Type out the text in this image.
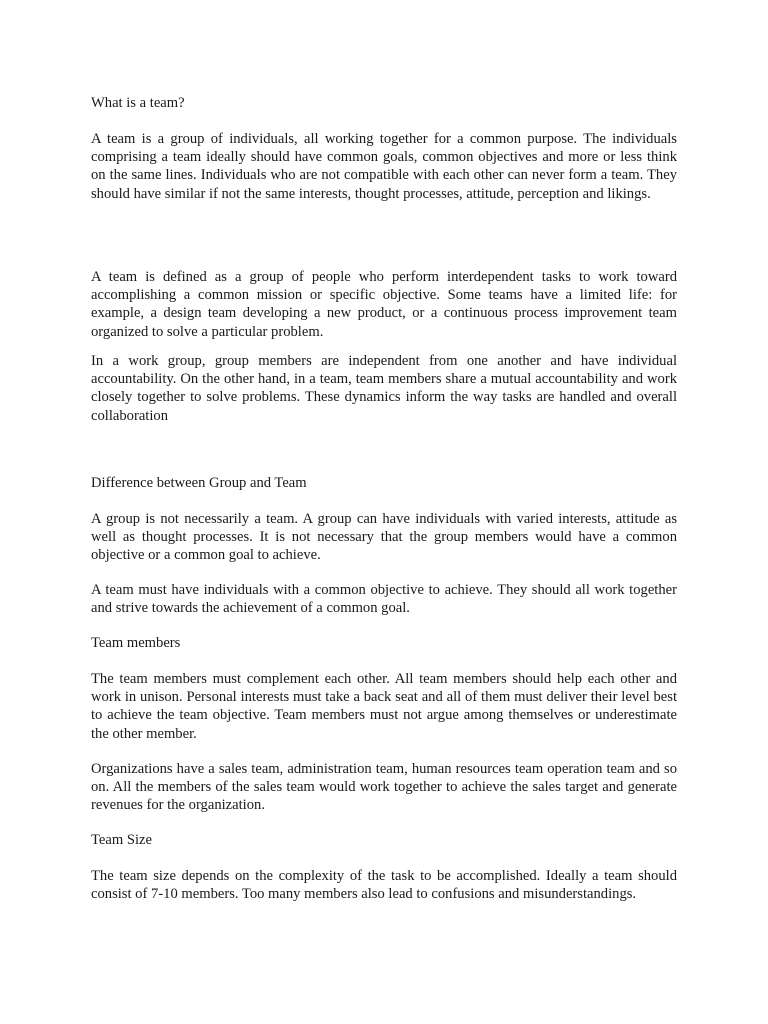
What is a team?

A team is a group of individuals, all working together for a common purpose. The individuals comprising a team ideally should have common goals, common objectives and more or less think on the same lines. Individuals who are not compatible with each other can never form a team. They should have similar if not the same interests, thought processes, attitude, perception and likings.

A team is defined as a group of people who perform interdependent tasks to work toward accomplishing a common mission or specific objective. Some teams have a limited life: for example, a design team developing a new product, or a continuous process improvement team organized to solve a particular problem.

In a work group, group members are independent from one another and have individual accountability. On the other hand, in a team, team members share a mutual accountability and work closely together to solve problems. These dynamics inform the way tasks are handled and overall collaboration

Difference between Group and Team

A group is not necessarily a team. A group can have individuals with varied interests, attitude as well as thought processes. It is not necessary that the group members would have a common objective or a common goal to achieve.

A team must have individuals with a common objective to achieve. They should all work together and strive towards the achievement of a common goal.

Team members

The team members must complement each other. All team members should help each other and work in unison. Personal interests must take a back seat and all of them must deliver their level best to achieve the team objective. Team members must not argue among themselves or underestimate the other member.

Organizations have a sales team, administration team, human resources team operation team and so on. All the members of the sales team would work together to achieve the sales target and generate revenues for the organization.

Team Size

The team size depends on the complexity of the task to be accomplished. Ideally a team should consist of 7-10 members. Too many members also lead to confusions and misunderstandings.
